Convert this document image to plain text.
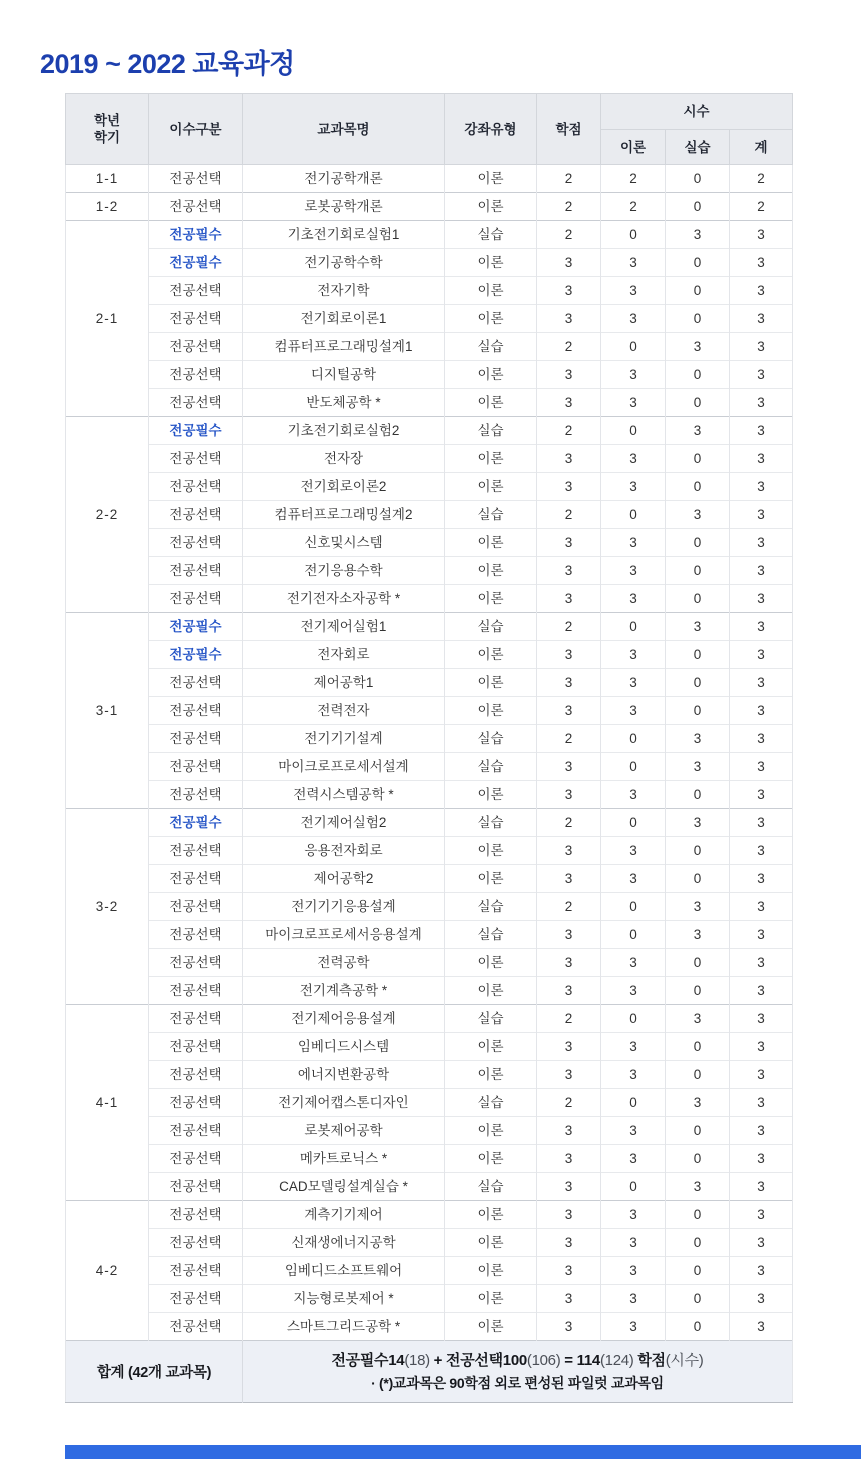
2019 ~ 2022 교육과정
학년
학기	이수구분	교과목명	강좌유형	학점	시수		
					이론	실습	계
1-1	전공선택	전기공학개론	이론	2	2	0	2
1-2	전공선택	로봇공학개론	이론	2	2	0	2
2-1	전공필수	기초전기회로실험1	실습	2	0	3	3
	전공필수	전기공학수학	이론	3	3	0	3
	전공선택	전자기학	이론	3	3	0	3
	전공선택	전기회로이론1	이론	3	3	0	3
	전공선택	컴퓨터프로그래밍설계1	실습	2	0	3	3
	전공선택	디지털공학	이론	3	3	0	3
	전공선택	반도체공학 *	이론	3	3	0	3
2-2	전공필수	기초전기회로실험2	실습	2	0	3	3
	전공선택	전자장	이론	3	3	0	3
	전공선택	전기회로이론2	이론	3	3	0	3
	전공선택	컴퓨터프로그래밍설계2	실습	2	0	3	3
	전공선택	신호및시스템	이론	3	3	0	3
	전공선택	전기응용수학	이론	3	3	0	3
	전공선택	전기전자소자공학 *	이론	3	3	0	3
3-1	전공필수	전기제어실험1	실습	2	0	3	3
	전공필수	전자회로	이론	3	3	0	3
	전공선택	제어공학1	이론	3	3	0	3
	전공선택	전력전자	이론	3	3	0	3
	전공선택	전기기기설계	실습	2	0	3	3
	전공선택	마이크로프로세서설계	실습	3	0	3	3
	전공선택	전력시스템공학 *	이론	3	3	0	3
3-2	전공필수	전기제어실험2	실습	2	0	3	3
	전공선택	응용전자회로	이론	3	3	0	3
	전공선택	제어공학2	이론	3	3	0	3
	전공선택	전기기기응용설계	실습	2	0	3	3
	전공선택	마이크로프로세서응용설계	실습	3	0	3	3
	전공선택	전력공학	이론	3	3	0	3
	전공선택	전기계측공학 *	이론	3	3	0	3
4-1	전공선택	전기제어응용설계	실습	2	0	3	3
	전공선택	임베디드시스템	이론	3	3	0	3
	전공선택	에너지변환공학	이론	3	3	0	3
	전공선택	전기제어캡스톤디자인	실습	2	0	3	3
	전공선택	로봇제어공학	이론	3	3	0	3
	전공선택	메카트로닉스 *	이론	3	3	0	3
	전공선택	CAD모델링설계실습 *	실습	3	0	3	3
4-2	전공선택	계측기기제어	이론	3	3	0	3
	전공선택	신재생에너지공학	이론	3	3	0	3
	전공선택	임베디드소프트웨어	이론	3	3	0	3
	전공선택	지능형로봇제어 *	이론	3	3	0	3
	전공선택	스마트그리드공학 *	이론	3	3	0	3
합계 (42개 교과목)		전공필수14(18) + 전공선택100(106) = 114(124) 학점(시수)
· (*)교과목은 90학점 외로 편성된 파일럿 교과목임					
